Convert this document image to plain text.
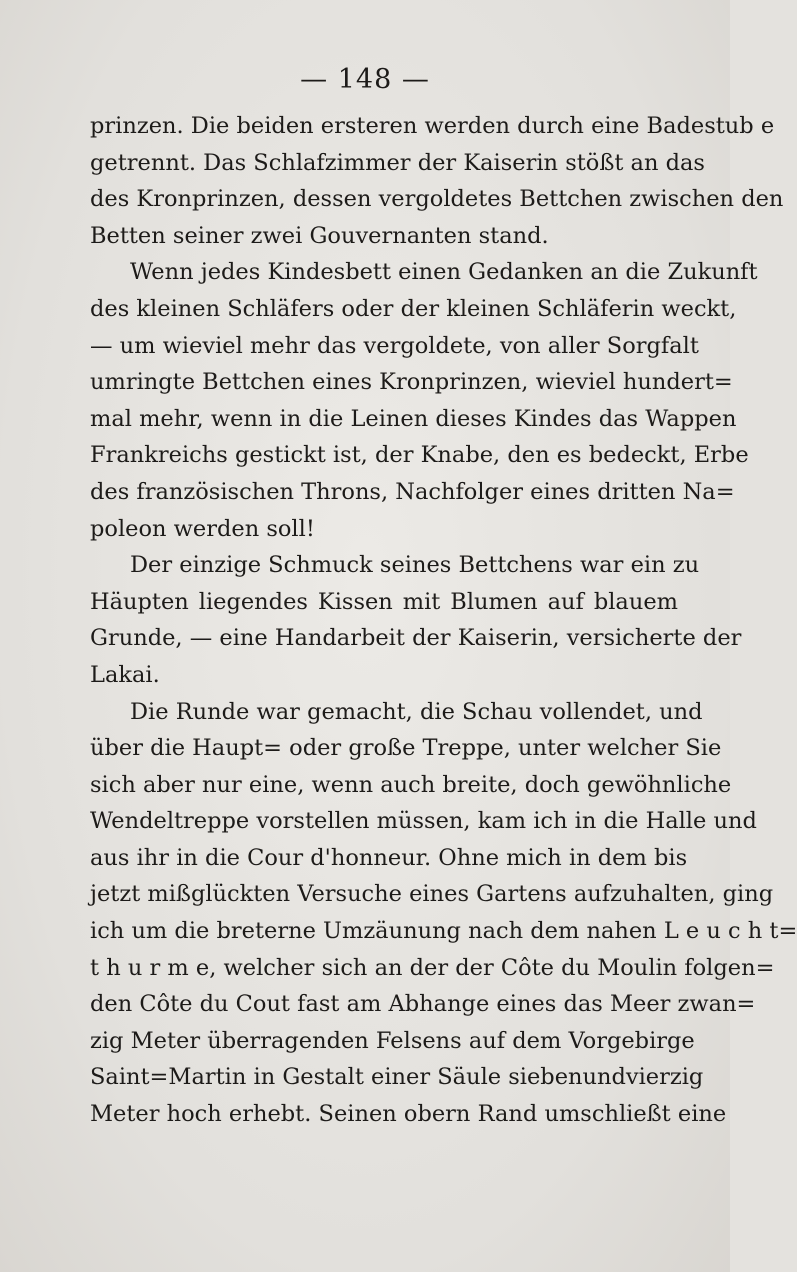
— 148 —
prinzen. Die beiden ersteren werden durch eine Badestub e
getrennt. Das Schlafzimmer der Kaiserin stößt an das
des Kronprinzen, dessen vergoldetes Bettchen zwischen den
Betten seiner zwei Gouvernanten stand.
Wenn jedes Kindesbett einen Gedanken an die Zukunft
des kleinen Schläfers oder der kleinen Schläferin weckt,
— um wieviel mehr das vergoldete, von aller Sorgfalt
umringte Bettchen eines Kronprinzen, wieviel hundert=
mal mehr, wenn in die Leinen dieses Kindes das Wappen
Frankreichs gestickt ist, der Knabe, den es bedeckt, Erbe
des französischen Throns, Nachfolger eines dritten Na=
poleon werden soll!
Der einzige Schmuck seines Bettchens war ein zu
Häupten liegendes Kissen mit Blumen auf blauem
Grunde, — eine Handarbeit der Kaiserin, versicherte der
Lakai.
Die Runde war gemacht, die Schau vollendet, und
über die Haupt= oder große Treppe, unter welcher Sie
sich aber nur eine, wenn auch breite, doch gewöhnliche
Wendeltreppe vorstellen müssen, kam ich in die Halle und
aus ihr in die Cour d'honneur. Ohne mich in dem bis
jetzt mißglückten Versuche eines Gartens aufzuhalten, ging
ich um die breterne Umzäunung nach dem nahen L e u c h t=
t h u r m e, welcher sich an der der Côte du Moulin folgen=
den Côte du Cout fast am Abhange eines das Meer zwan=
zig Meter überragenden Felsens auf dem Vorgebirge
Saint=Martin in Gestalt einer Säule siebenundvierzig
Meter hoch erhebt. Seinen obern Rand umschließt eine
